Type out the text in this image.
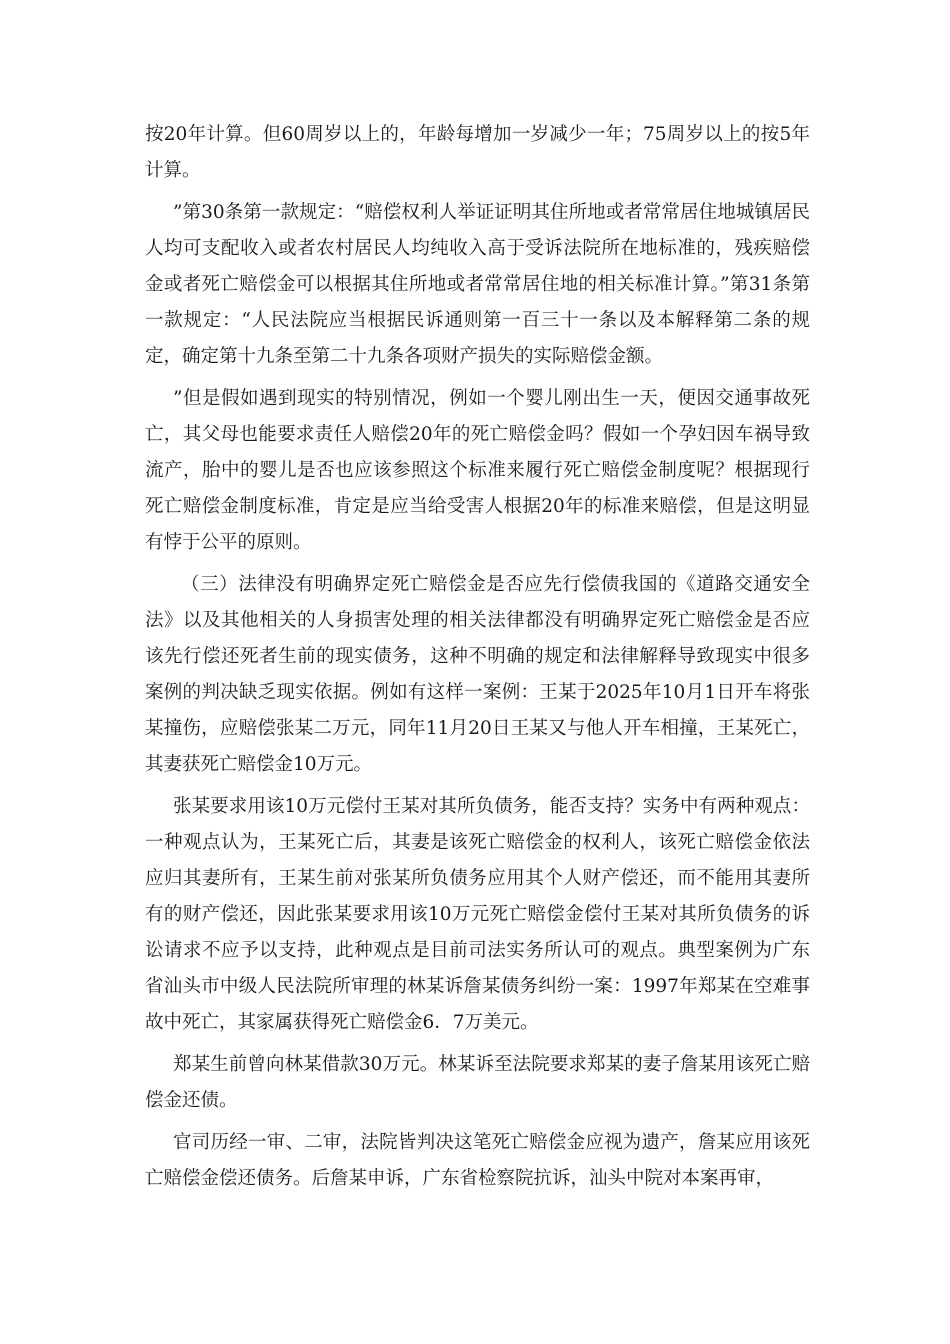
按20年计算。但60周岁以上的，年龄每增加一岁减少一年；75周岁以上的按5年计算。

”第30条第一款规定：“赔偿权利人举证证明其住所地或者常常居住地城镇居民人均可支配收入或者农村居民人均纯收入高于受诉法院所在地标准的，残疾赔偿金或者死亡赔偿金可以根据其住所地或者常常居住地的相关标准计算。”第31条第一款规定：“人民法院应当根据民诉通则第一百三十一条以及本解释第二条的规定，确定第十九条至第二十九条各项财产损失的实际赔偿金额。

”但是假如遇到现实的特别情况，例如一个婴儿刚出生一天，便因交通事故死亡，其父母也能要求责任人赔偿20年的死亡赔偿金吗？假如一个孕妇因车祸导致流产，胎中的婴儿是否也应该参照这个标准来履行死亡赔偿金制度呢？根据现行死亡赔偿金制度标准，肯定是应当给受害人根据20年的标准来赔偿，但是这明显有悖于公平的原则。

（三）法律没有明确界定死亡赔偿金是否应先行偿债我国的《道路交通安全法》以及其他相关的人身损害处理的相关法律都没有明确界定死亡赔偿金是否应该先行偿还死者生前的现实债务，这种不明确的规定和法律解释导致现实中很多案例的判决缺乏现实依据。例如有这样一案例：王某于2025年10月1日开车将张某撞伤，应赔偿张某二万元，同年11月20日王某又与他人开车相撞，王某死亡，其妻获死亡赔偿金10万元。

张某要求用该10万元偿付王某对其所负债务，能否支持？实务中有两种观点：一种观点认为，王某死亡后，其妻是该死亡赔偿金的权利人，该死亡赔偿金依法应归其妻所有，王某生前对张某所负债务应用其个人财产偿还，而不能用其妻所有的财产偿还，因此张某要求用该10万元死亡赔偿金偿付王某对其所负债务的诉讼请求不应予以支持，此种观点是目前司法实务所认可的观点。典型案例为广东省汕头市中级人民法院所审理的林某诉詹某债务纠纷一案：1997年郑某在空难事故中死亡，其家属获得死亡赔偿金6．7万美元。

郑某生前曾向林某借款30万元。林某诉至法院要求郑某的妻子詹某用该死亡赔偿金还债。

官司历经一审、二审，法院皆判决这笔死亡赔偿金应视为遗产，詹某应用该死亡赔偿金偿还债务。后詹某申诉，广东省检察院抗诉，汕头中院对本案再审，
